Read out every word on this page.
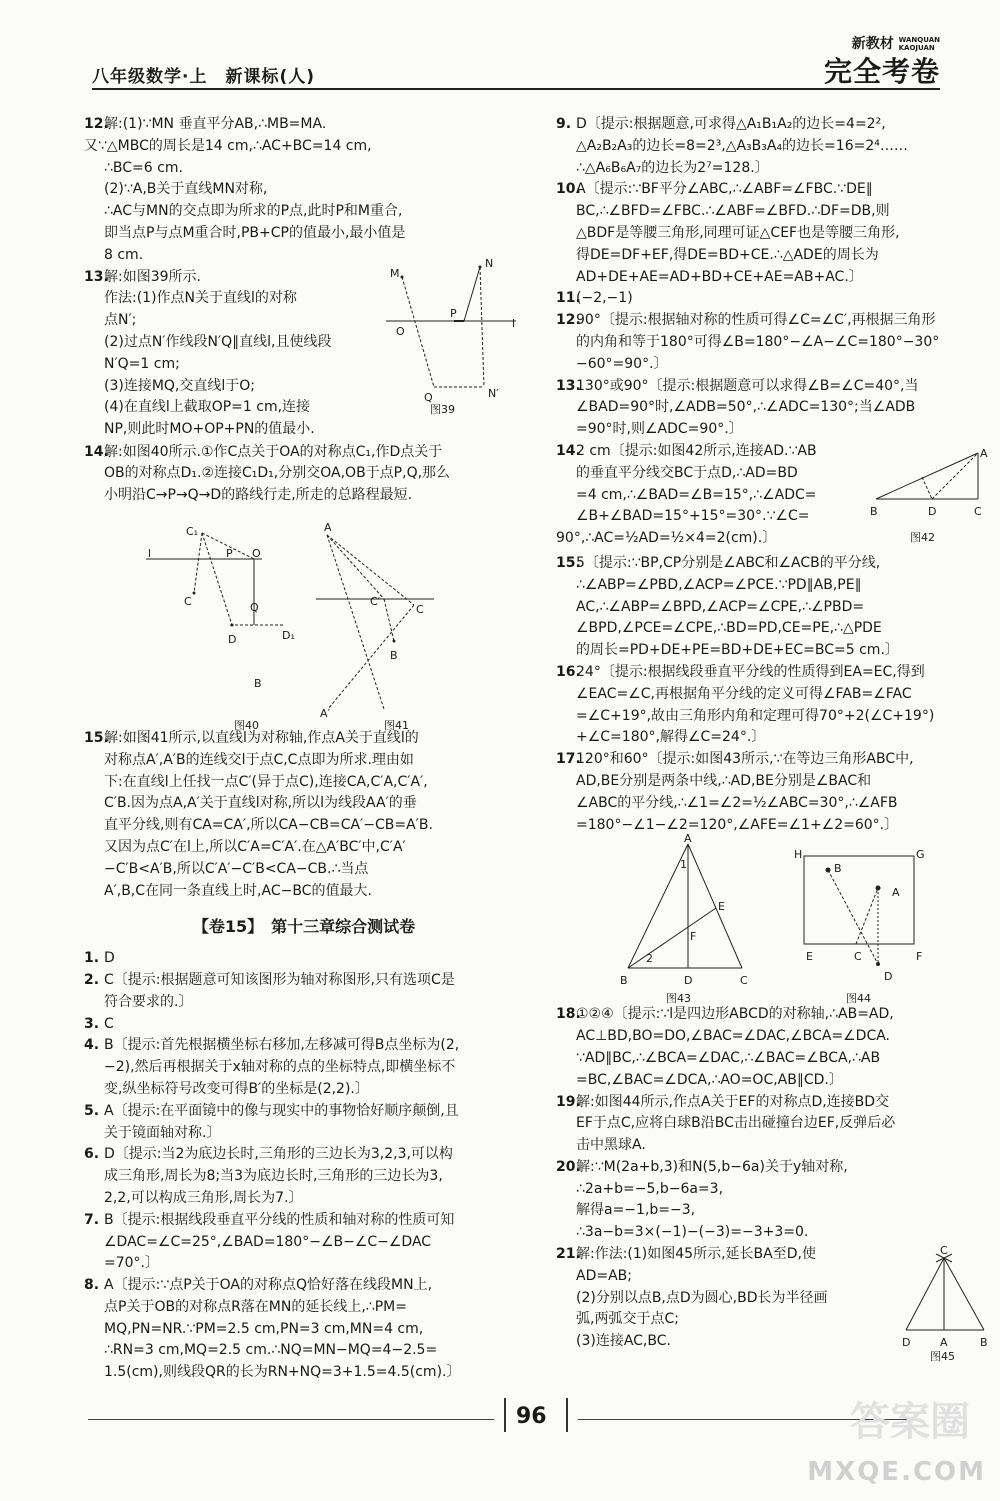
八年级数学·上　新课标(人)
新教材 WANQUAN
KAOJUAN
完全考卷
12.
解:(1)∵MN 垂直平分AB,∴MB=MA.
又∵△MBC的周长是14 cm,∴AC+BC=14 cm,
∴BC=6 cm.
(2)∵A,B关于直线MN对称,
∴AC与MN的交点即为所求的P点,此时P和M重合,
即当点P与点M重合时,PB+CP的值最小,最小值是
8 cm.
13.
解:如图39所示.
作法:(1)作点N关于直线l的对称
点N′;
(2)过点N′作线段N′Q∥直线l,且使线段
N′Q=1 cm;
(3)连接MQ,交直线l于O;
(4)在直线l上截取OP=1 cm,连接
NP,则此时MO+OP+PN的值最小.
M
N
O
P
l
Q	N′
图39
14.
解:如图40所示.①作C点关于OA的对称点C₁,作D点关于
OB的对称点D₁.②连接C₁D₁,分别交OA,OB于点P,Q,那么
小明沿C→P→Q→D的路线行走,所走的总路程最短.
C₁
l	P O
C	Q
D	D₁
B
A
C′
C
B
A′
图40	图41
15.
解:如图41所示,以直线l为对称轴,作点A关于直线l的
对称点A′,A′B的连线交l于点C,C点即为所求.理由如
下:在直线l上任找一点C′(异于点C),连接CA,C′A,C′A′,
C′B.因为点A,A′关于直线l对称,所以l为线段AA′的垂
直平分线,则有CA=CA′,所以CA−CB=CA′−CB=A′B.
又因为点C′在l上,所以C′A=C′A′.在△A′BC′中,C′A′
−C′B<A′B,所以C′A′−C′B<CA−CB.∴当点
A′,B,C在同一条直线上时,AC−BC的值最大.
【卷15】　第十三章综合测试卷
1. D
2. C〔提示:根据题意可知该图形为轴对称图形,只有选项C是
符合要求的.〕
3. C
4. B〔提示:首先根据横坐标右移加,左移减可得B点坐标为(2,
−2),然后再根据关于x轴对称的点的坐标特点,即横坐标不
变,纵坐标符号改变可得B′的坐标是(2,2).〕
5. A〔提示:在平面镜中的像与现实中的事物恰好顺序颠倒,且
关于镜面轴对称.〕
6. D〔提示:当2为底边长时,三角形的三边长为3,2,3,可以构
成三角形,周长为8;当3为底边长时,三角形的三边长为3,
2,2,可以构成三角形,周长为7.〕
7. B〔提示:根据线段垂直平分线的性质和轴对称的性质可知
∠DAC=∠C=25°,∠BAD=180°−∠B−∠C−∠DAC
=70°.〕
8. A〔提示:∵点P关于OA的对称点Q恰好落在线段MN上,
点P关于OB的对称点R落在MN的延长线上,∴PM=
MQ,PN=NR.∵PM=2.5 cm,PN=3 cm,MN=4 cm,
∴RN=3 cm,MQ=2.5 cm.∴NQ=MN−MQ=4−2.5=
1.5(cm),则线段QR的长为RN+NQ=3+1.5=4.5(cm).〕
9. D〔提示:根据题意,可求得△A₁B₁A₂的边长=4=2²,
△A₂B₂A₃的边长=8=2³,△A₃B₃A₄的边长=16=2⁴……
∴△A₆B₆A₇的边长为2⁷=128.〕
10.
A〔提示:∵BF平分∠ABC,∴∠ABF=∠FBC.∵DE∥
BC,∴∠BFD=∠FBC.∴∠ABF=∠BFD.∴DF=DB,则
△BDF是等腰三角形,同理可证△CEF也是等腰三角形,
得DE=DF+EF,得DE=BD+CE.∴△ADE的周长为
AD+DE+AE=AD+BD+CE+AE=AB+AC.〕
11.
(−2,−1)
12.
90°〔提示:根据轴对称的性质可得∠C=∠C′,再根据三角形
的内角和等于180°可得∠B=180°−∠A−∠C=180°−30°
−60°=90°.〕
13.
130°或90°〔提示:根据题意可以求得∠B=∠C=40°,当
∠BAD=90°时,∠ADB=50°,∴∠ADC=130°;当∠ADB
=90°时,则∠ADC=90°.〕
14.
2 cm〔提示:如图42所示,连接AD.∵AB
的垂直平分线交BC于点D,∴AD=BD
=4 cm,∴∠BAD=∠B=15°,∴∠ADC=
∠B+∠BAD=15°+15°=30°.∵∠C=
90°,∴AC=½AD=½×4=2(cm).〕
A
B	D	C
图42
15.
5〔提示:∵BP,CP分别是∠ABC和∠ACB的平分线,
∴∠ABP=∠PBD,∠ACP=∠PCE.∵PD∥AB,PE∥
AC,∴∠ABP=∠BPD,∠ACP=∠CPE,∴∠PBD=
∠BPD,∠PCE=∠CPE,∴BD=PD,CE=PE,∴△PDE
的周长=PD+DE+PE=BD+DE+EC=BC=5 cm.〕
16.
24°〔提示:根据线段垂直平分线的性质得到EA=EC,得到
∠EAC=∠C,再根据角平分线的定义可得∠FAB=∠FAC
=∠C+19°,故由三角形内角和定理可得70°+2(∠C+19°)
+∠C=180°,解得∠C=24°.〕
17.
120°和60°〔提示:如图43所示,∵在等边三角形ABC中,
AD,BE分别是两条中线,∴AD,BE分别是∠BAC和
∠ABC的平分线,∴∠1=∠2=½∠ABC=30°,∴∠AFB
=180°−∠1−∠2=120°,∠AFE=∠1+∠2=60°.〕
A
1
E
F
2
B	D	C
H	G
B
A
E	C	F
D
图43	图44
18.
①②④〔提示:∵l是四边形ABCD的对称轴,∴AB=AD,
AC⊥BD,BO=DO,∠BAC=∠DAC,∠BCA=∠DCA.
∵AD∥BC,∴∠BCA=∠DAC,∴∠BAC=∠BCA,∴AB
=BC,∠BAC=∠DCA,∴AO=OC,AB∥CD.〕
19.
解:如图44所示,作点A关于EF的对称点D,连接BD交
EF于点C,应将白球B沿BC击出碰撞台边EF,反弹后必
击中黑球A.
20.
解:∵M(2a+b,3)和N(5,b−6a)关于y轴对称,
∴2a+b=−5,b−6a=3,
解得a=−1,b=−3,
∴3a−b=3×(−1)−(−3)=−3+3=0.
21.
解:作法:(1)如图45所示,延长BA至D,使
AD=AB;
(2)分别以点B,点D为圆心,BD长为半径画
弧,两弧交于点C;
(3)连接AC,BC.
C
D	A	B
图45
96	答案圈
MXQE.COM
